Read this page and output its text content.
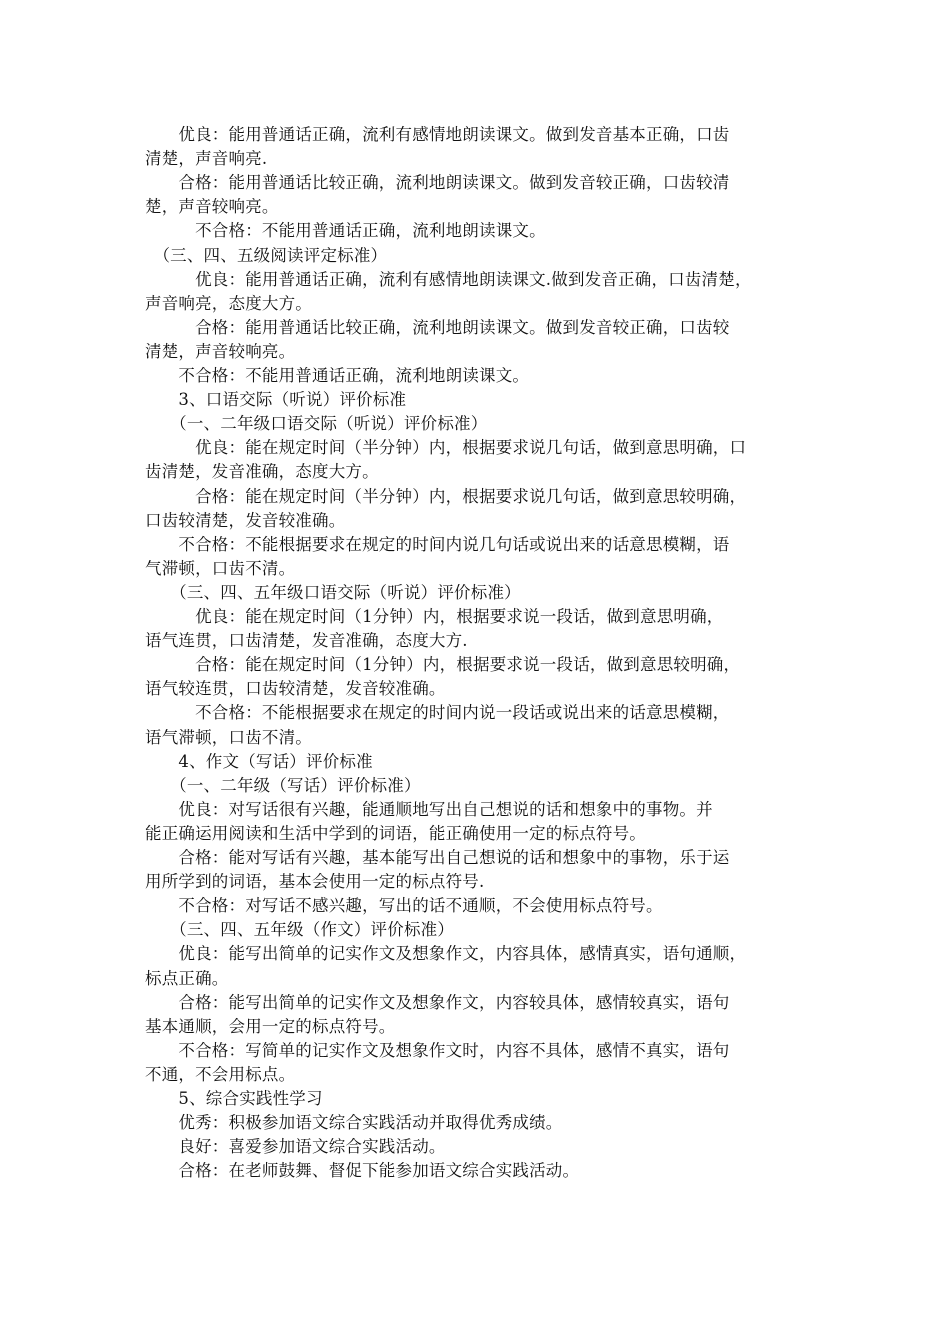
　　优良：能用普通话正确，流利有感情地朗读课文。做到发音基本正确，口齿
清楚，声音响亮.
　　合格：能用普通话比较正确，流利地朗读课文。做到发音较正确，口齿较清
楚，声音较响亮。
　　　不合格：不能用普通话正确，流利地朗读课文。
　（三、四、五级阅读评定标准）
　　　优良：能用普通话正确，流利有感情地朗读课文.做到发音正确，口齿清楚，
声音响亮，态度大方。
　　　合格：能用普通话比较正确，流利地朗读课文。做到发音较正确，口齿较
清楚，声音较响亮。
　　不合格：不能用普通话正确，流利地朗读课文。
　　3、口语交际（听说）评价标准
　　（一、二年级口语交际（听说）评价标准）
　　　优良：能在规定时间（半分钟）内，根据要求说几句话，做到意思明确，口
齿清楚，发音准确，态度大方。
　　　合格：能在规定时间（半分钟）内，根据要求说几句话，做到意思较明确，
口齿较清楚，发音较准确。
　　不合格：不能根据要求在规定的时间内说几句话或说出来的话意思模糊，语
气滞顿，口齿不清。
　　（三、四、五年级口语交际（听说）评价标准）
　　　优良：能在规定时间（1分钟）内，根据要求说一段话，做到意思明确，
语气连贯，口齿清楚，发音准确，态度大方.
　　　合格：能在规定时间（1分钟）内，根据要求说一段话，做到意思较明确，
语气较连贯，口齿较清楚，发音较准确。
　　　不合格：不能根据要求在规定的时间内说一段话或说出来的话意思模糊，
语气滞顿，口齿不清。
　　4、作文（写话）评价标准
　　（一、二年级（写话）评价标准）
　　优良：对写话很有兴趣，能通顺地写出自己想说的话和想象中的事物。并
能正确运用阅读和生活中学到的词语，能正确使用一定的标点符号。
　　合格：能对写话有兴趣，基本能写出自己想说的话和想象中的事物，乐于运
用所学到的词语，基本会使用一定的标点符号.
　　不合格：对写话不感兴趣，写出的话不通顺，不会使用标点符号。
　　（三、四、五年级（作文）评价标准）
　　优良：能写出简单的记实作文及想象作文，内容具体，感情真实，语句通顺，
标点正确。
　　合格：能写出简单的记实作文及想象作文，内容较具体，感情较真实，语句
基本通顺，会用一定的标点符号。
　　不合格：写简单的记实作文及想象作文时，内容不具体，感情不真实，语句
不通，不会用标点。
　　5、综合实践性学习
　　优秀：积极参加语文综合实践活动并取得优秀成绩。
　　良好：喜爱参加语文综合实践活动。
　　合格：在老师鼓舞、督促下能参加语文综合实践活动。
